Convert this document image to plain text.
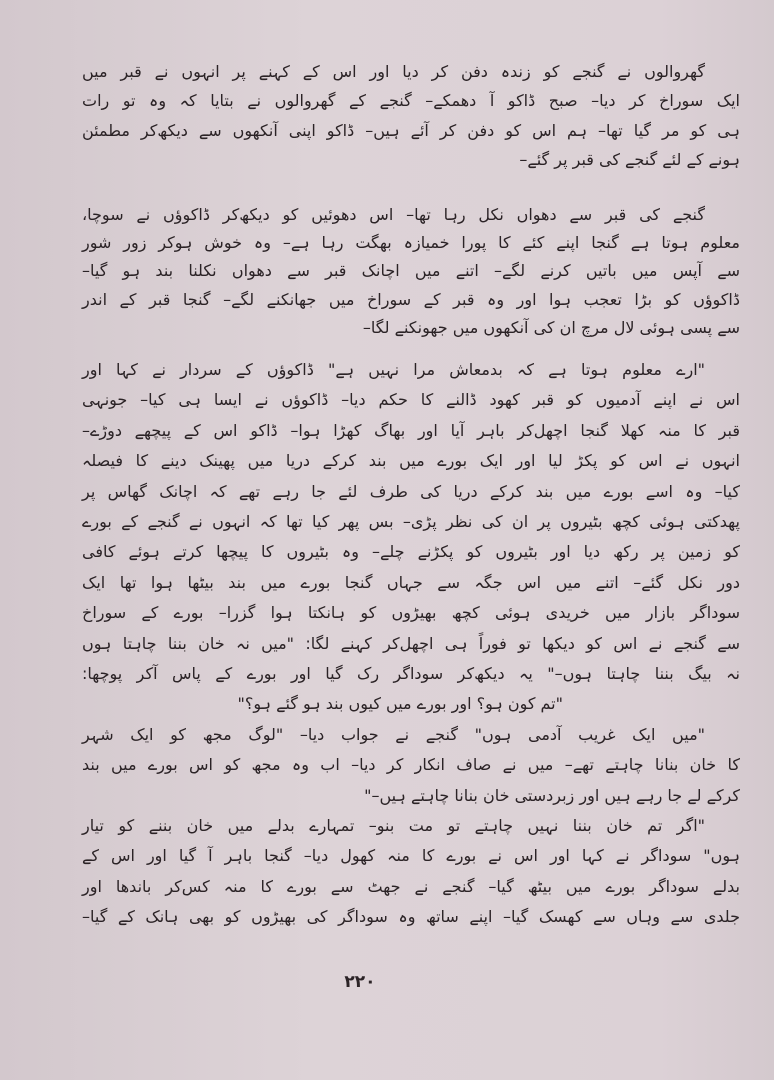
گھروالوں نے گنجے کو زندہ دفن کر دیا اور اس کے کہنے پر انہوں نے قبر میں
ایک سوراخ کر دیا– صبح ڈاکو آ دھمکے– گنجے کے گھروالوں نے بتایا کہ وہ تو رات
ہی کو مر گیا تھا– ہم اس کو دفن کر آئے ہیں– ڈاکو اپنی آنکھوں سے دیکھ‌کر مطمئن
ہونے کے لئے گنجے کی قبر پر گئے–
گنجے کی قبر سے دھواں نکل رہا تھا– اس دھوئیں کو دیکھ‌کر ڈاکوؤں نے سوچا،
معلوم ہوتا ہے گنجا اپنے کئے کا پورا خمیازہ بھگت رہا ہے– وہ خوش ہوکر زور شور
سے آپس میں باتیں کرنے لگے– اتنے میں اچانک قبر سے دھواں نکلنا بند ہو گیا–
ڈاکوؤں کو بڑا تعجب ہوا اور وہ قبر کے سوراخ میں جھانکنے لگے– گنجا قبر کے اندر
سے پسی ہوئی لال مرچ ان کی آنکھوں میں جھونکنے لگا–
"ارے معلوم ہوتا ہے کہ بدمعاش مرا نہیں ہے" ڈاکوؤں کے سردار نے کہا اور
اس نے اپنے آدمیوں کو قبر کھود ڈالنے کا حکم دیا– ڈاکوؤں نے ایسا ہی کیا– جونہی
قبر کا منہ کھلا گنجا اچھل‌کر باہر آیا اور بھاگ کھڑا ہوا– ڈاکو اس کے پیچھے دوڑے–
انہوں نے اس کو پکڑ لیا اور ایک بورے میں بند کرکے دریا میں پھینک دینے کا فیصلہ
کیا– وہ اسے بورے میں بند کرکے دریا کی طرف لئے جا رہے تھے کہ اچانک گھاس پر
پھدکتی ہوئی کچھ بٹیروں پر ان کی نظر پڑی– بس پھر کیا تھا کہ انہوں نے گنجے کے بورے
کو زمین پر رکھ دیا اور بٹیروں کو پکڑنے چلے– وہ بٹیروں کا پیچھا کرتے ہوئے کافی
دور نکل گئے– اتنے میں اس جگہ سے جہاں گنجا بورے میں بند بیٹھا ہوا تھا ایک
سوداگر بازار میں خریدی ہوئی کچھ بھیڑوں کو ہانکتا ہوا گزرا– بورے کے سوراخ
سے گنجے نے اس کو دیکھا تو فوراً ہی اچھل‌کر کہنے لگا: "میں نہ خان بننا چاہتا ہوں
نہ بیگ بننا چاہتا ہوں–" یہ دیکھ‌کر سوداگر رک گیا اور بورے کے پاس آکر پوچھا:
"تم کون ہو؟ اور بورے میں کیوں بند ہو گئے ہو؟"
"میں ایک غریب آدمی ہوں" گنجے نے جواب دیا– "لوگ مجھ کو ایک شہر
کا خان بنانا چاہتے تھے– میں نے صاف انکار کر دیا– اب وہ مجھ کو اس بورے میں بند
کرکے لے جا رہے ہیں اور زبردستی خان بنانا چاہتے ہیں–"
"اگر تم خان بننا نہیں چاہتے تو مت بنو– تمہارے بدلے میں خان بننے کو تیار
ہوں" سوداگر نے کہا اور اس نے بورے کا منہ کھول دیا– گنجا باہر آ گیا اور اس کے
بدلے سوداگر بورے میں بیٹھ گیا– گنجے نے جھٹ سے بورے کا منہ کس‌کر باندھا اور
جلدی سے وہاں سے کھسک گیا– اپنے ساتھ وہ سوداگر کی بھیڑوں کو بھی ہانک کے گیا–
۲۲۰
